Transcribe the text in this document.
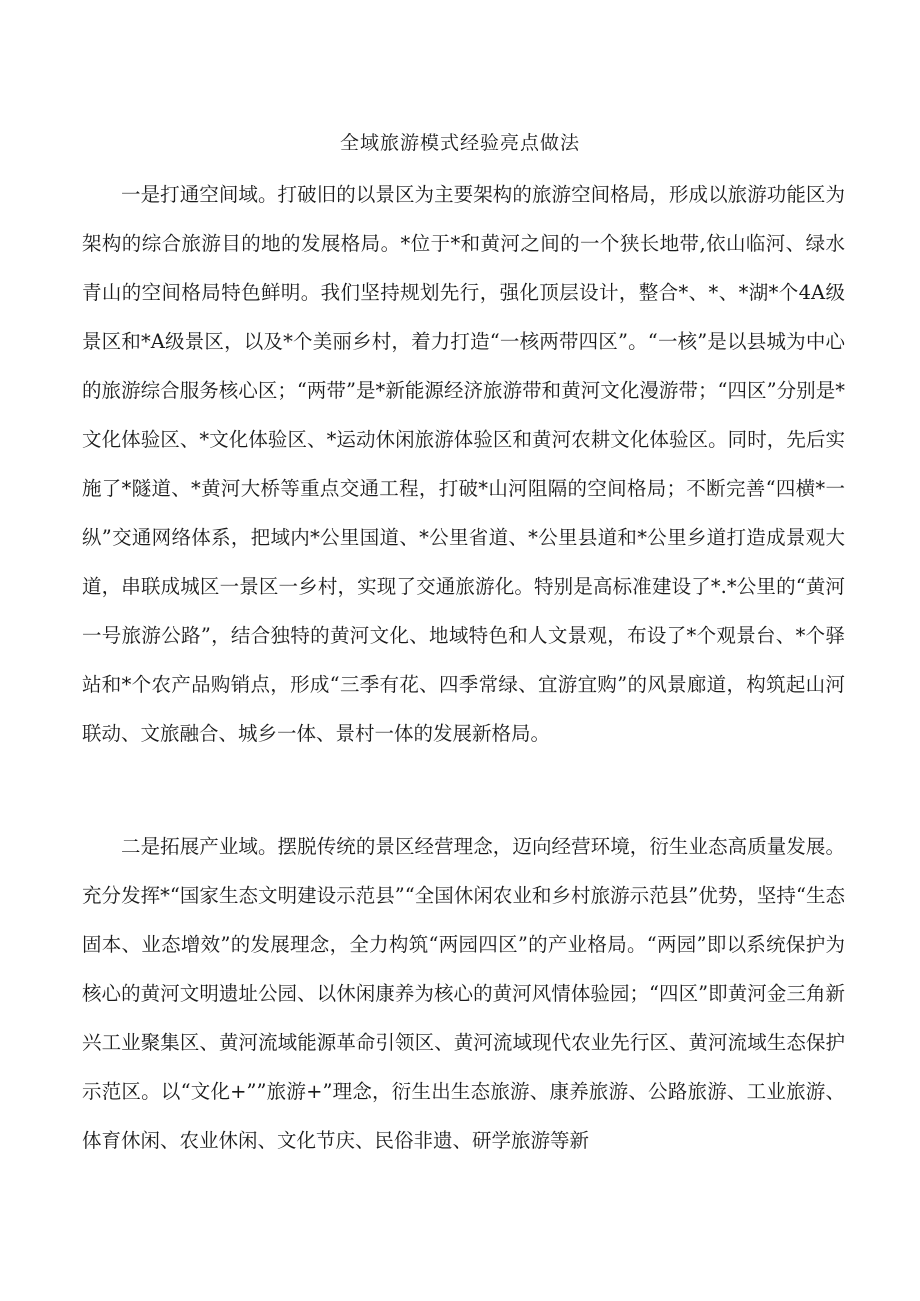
全域旅游模式经验亮点做法

一是打通空间域。打破旧的以景区为主要架构的旅游空间格局，形成以旅游功能区为架构的综合旅游目的地的发展格局。*位于*和黄河之间的一个狭长地带,依山临河、绿水青山的空间格局特色鲜明。我们坚持规划先行，强化顶层设计，整合*、*、*湖*个4A级景区和*A级景区，以及*个美丽乡村，着力打造“一核两带四区”。“一核”是以县城为中心的旅游综合服务核心区；“两带”是*新能源经济旅游带和黄河文化漫游带；“四区”分别是*文化体验区、*文化体验区、*运动休闲旅游体验区和黄河农耕文化体验区。同时，先后实施了*隧道、*黄河大桥等重点交通工程，打破*山河阻隔的空间格局；不断完善“四横*一纵”交通网络体系，把域内*公里国道、*公里省道、*公里县道和*公里乡道打造成景观大道，串联成城区一景区一乡村，实现了交通旅游化。特别是高标准建设了*.*公里的“黄河一号旅游公路”，结合独特的黄河文化、地域特色和人文景观，布设了*个观景台、*个驿站和*个农产品购销点，形成“三季有花、四季常绿、宜游宜购”的风景廊道，构筑起山河联动、文旅融合、城乡一体、景村一体的发展新格局。

二是拓展产业域。摆脱传统的景区经营理念，迈向经营环境，衍生业态高质量发展。充分发挥*“国家生态文明建设示范县”“全国休闲农业和乡村旅游示范县”优势，坚持“生态固本、业态增效”的发展理念，全力构筑“两园四区”的产业格局。“两园”即以系统保护为核心的黄河文明遗址公园、以休闲康养为核心的黄河风情体验园；“四区”即黄河金三角新兴工业聚集区、黄河流域能源革命引领区、黄河流域现代农业先行区、黄河流域生态保护示范区。以“文化+””旅游+”理念，衍生出生态旅游、康养旅游、公路旅游、工业旅游、体育休闲、农业休闲、文化节庆、民俗非遗、研学旅游等新
